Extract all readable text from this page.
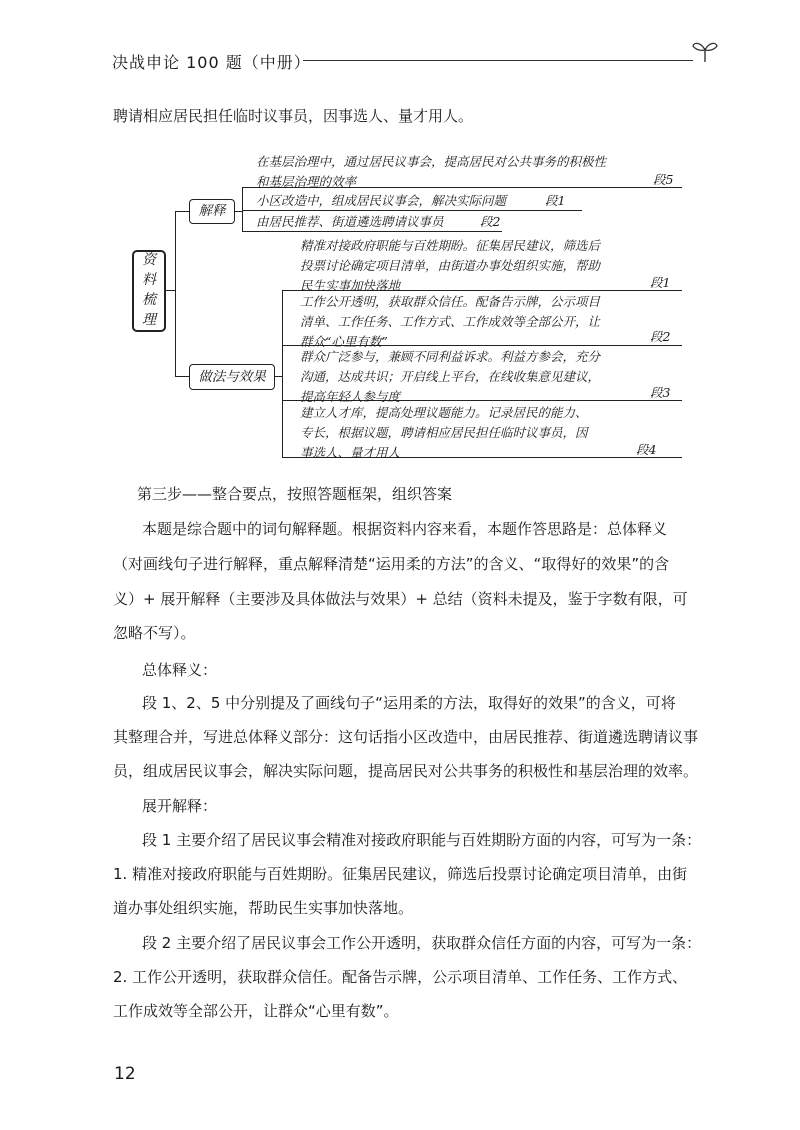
决战申论 100 题（中册）
聘请相应居民担任临时议事员，因事选人、量才用人。
资
料
梳
理
解释
在基层治理中，通过居民议事会，提高居民对公共事务的积极性
和基层治理的效率	段5
小区改造中，组成居民议事会，解决实际问题	段1
由居民推荐、街道遴选聘请议事员	段2
做法与效果
精准对接政府职能与百姓期盼。征集居民建议，筛选后
投票讨论确定项目清单，由街道办事处组织实施，帮助
民生实事加快落地	段1
工作公开透明，获取群众信任。配备告示牌，公示项目
清单、工作任务、工作方式、工作成效等全部公开，让
群众“心里有数”	段2
群众广泛参与，兼顾不同利益诉求。利益方参会，充分
沟通，达成共识；开启线上平台，在线收集意见建议，
提高年轻人参与度	段3
建立人才库，提高处理议题能力。记录居民的能力、
专长，根据议题，聘请相应居民担任临时议事员，因
事选人、量才用人	段4
第三步——整合要点，按照答题框架，组织答案
本题是综合题中的词句解释题。根据资料内容来看，本题作答思路是：总体释义
（对画线句子进行解释，重点解释清楚“运用柔的方法”的含义、“取得好的效果”的含
义）+ 展开解释（主要涉及具体做法与效果）+ 总结（资料未提及，鉴于字数有限，可
忽略不写）。
总体释义：
段 1、2、5 中分别提及了画线句子“运用柔的方法，取得好的效果”的含义，可将
其整理合并，写进总体释义部分：这句话指小区改造中，由居民推荐、街道遴选聘请议事
员，组成居民议事会，解决实际问题，提高居民对公共事务的积极性和基层治理的效率。
展开解释：
段 1 主要介绍了居民议事会精准对接政府职能与百姓期盼方面的内容，可写为一条：
1. 精准对接政府职能与百姓期盼。征集居民建议，筛选后投票讨论确定项目清单，由街
道办事处组织实施，帮助民生实事加快落地。
段 2 主要介绍了居民议事会工作公开透明，获取群众信任方面的内容，可写为一条：
2. 工作公开透明，获取群众信任。配备告示牌，公示项目清单、工作任务、工作方式、
工作成效等全部公开，让群众“心里有数”。
12
